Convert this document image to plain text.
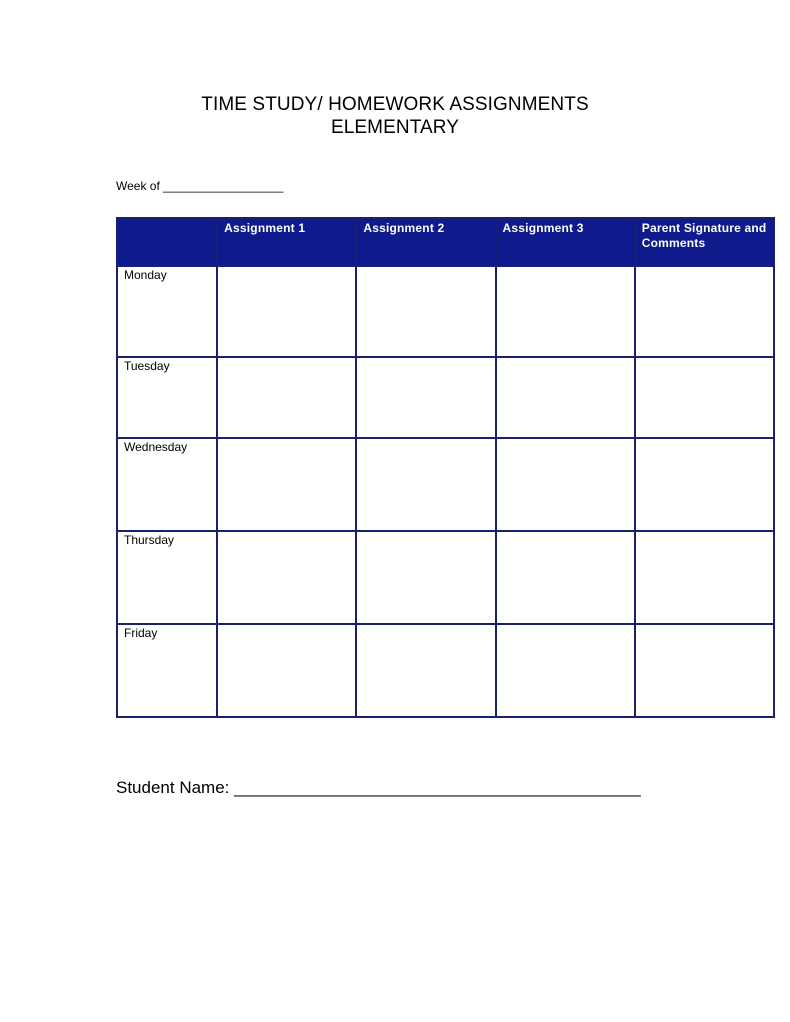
TIME STUDY/ HOMEWORK ASSIGNMENTS
ELEMENTARY
Week of __________________
	Assignment 1	Assignment 2	Assignment 3	Parent Signature and Comments
Monday				
Tuesday				
Wednesday				
Thursday				
Friday				
Student Name: ___________________________________________
